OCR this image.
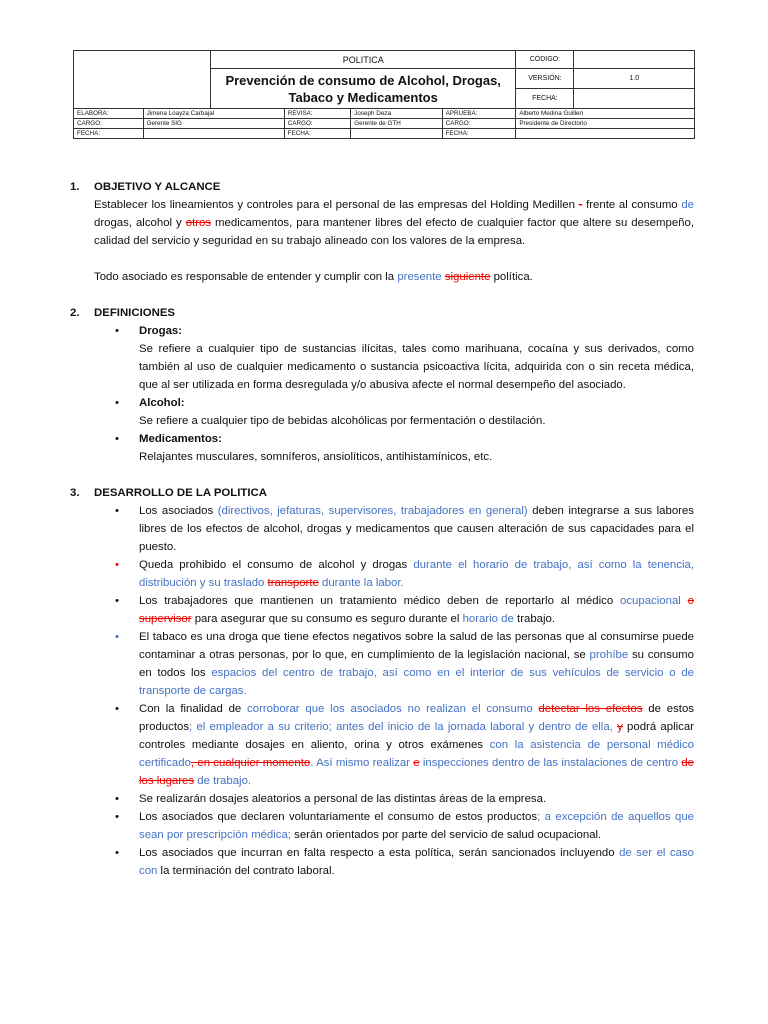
		POLITICA				CÓDIGO:	
		Prevención de consumo de Alcohol, Drogas, Tabaco y Medicamentos				VERSIÓN:	1.0
						FECHA:	
ELABORA:	Jimena Loayza Carbajal		REVISA:	Joseph Deza	APRUEBA:	Alberto Medina Guillen	
CARGO:	Gerente SIG		CARGO:	Gerente de GTH	CARGO:	Presidente de Directorio	
FECHA:			FECHA:		FECHA:		
1.	OBJETIVO Y ALCANCE
Establecer los lineamientos y controles para el personal de las empresas del Holding Medillen - frente al consumo de drogas, alcohol y otros medicamentos, para mantener libres del efecto de cualquier factor que altere su desempeño, calidad del servicio y seguridad en su trabajo alineado con los valores de la empresa.
Todo asociado es responsable de entender y cumplir con la presente siguiente política.
2.	DEFINICIONES
• Drogas:
Se refiere a cualquier tipo de sustancias ilícitas, tales como marihuana, cocaína y sus derivados, como también al uso de cualquier medicamento o sustancia psicoactiva lícita, adquirida con o sin receta médica, que al ser utilizada en forma desregulada y/o abusiva afecte el normal desempeño del asociado.
• Alcohol:
Se refiere a cualquier tipo de bebidas alcohólicas por fermentación o destilación.
• Medicamentos:
Relajantes musculares, somníferos, ansiolíticos, antihistamínicos, etc.
3.	DESARROLLO DE LA POLITICA
• Los asociados (directivos, jefaturas, supervisores, trabajadores en general) deben integrarse a sus labores libres de los efectos de alcohol, drogas y medicamentos que causen alteración de sus capacidades para el puesto.
• Queda prohibido el consumo de alcohol y drogas durante el horario de trabajo, así como la tenencia, distribución y su traslado transporte durante la labor.
• Los trabajadores que mantienen un tratamiento médico deben de reportarlo al médico ocupacional o supervisor para asegurar que su consumo es seguro durante el horario de trabajo.
• El tabaco es una droga que tiene efectos negativos sobre la salud de las personas que al consumirse puede contaminar a otras personas, por lo que, en cumplimiento de la legislación nacional, se prohíbe su consumo en todos los espacios del centro de trabajo, así como en el interior de sus vehículos de servicio o de transporte de cargas.
• Con la finalidad de corroborar que los asociados no realizan el consumo detectar los efectos de estos productos; el empleador a su criterio; antes del inicio de la jornada laboral y dentro de ella, y podrá aplicar controles mediante dosajes en aliento, orina y otros exámenes con la asistencia de personal médico certificado, en cualquier momento. Así mismo realizar e inspecciones dentro de las instalaciones de centro de los lugares de trabajo.
• Se realizarán dosajes aleatorios a personal de las distintas áreas de la empresa.
• Los asociados que declaren voluntariamente el consumo de estos productos; a excepción de aquellos que sean por prescripción médica; serán orientados por parte del servicio de salud ocupacional.
• Los asociados que incurran en falta respecto a esta política, serán sancionados incluyendo de ser el caso con la terminación del contrato laboral.
